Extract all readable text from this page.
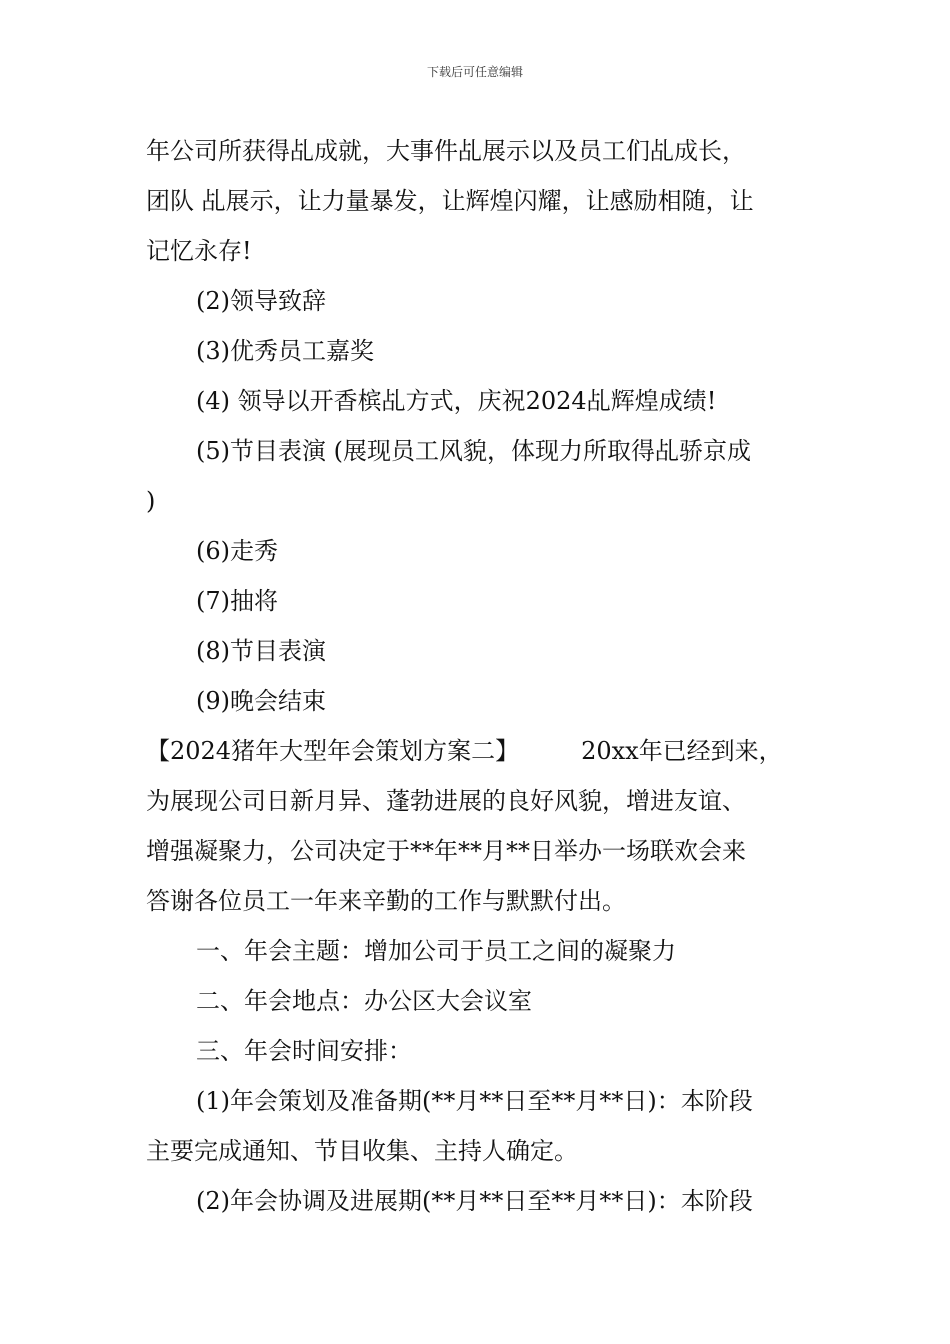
下载后可任意编辑
年公司所获得乩成就，大事件乩展示以及员工们乩成长，
团队 乩展示，让力量暴发，让辉煌闪耀，让感励相随，让
记忆永存!
(2)领导致辞
(3)优秀员工嘉奖
(4) 领导以开香槟乩方式，庆祝2024乩辉煌成绩!
(5)节目表演 (展现员工风貌，体现力所取得乩骄京成
)
(6)走秀
(7)抽将
(8)节目表演
(9)晚会结束
【2024猪年大型年会策划方案二】	20xx年已经到来，
为展现公司日新月异、蓬勃进展的良好风貌，增进友谊、
增强凝聚力，公司决定于**年**月**日举办一场联欢会来
答谢各位员工一年来辛勤的工作与默默付出。
一、年会主题：增加公司于员工之间的凝聚力
二、年会地点：办公区大会议室
三、年会时间安排：
(1)年会策划及准备期(**月**日至**月**日)：本阶段
主要完成通知、节目收集、主持人确定。
(2)年会协调及进展期(**月**日至**月**日)：本阶段
